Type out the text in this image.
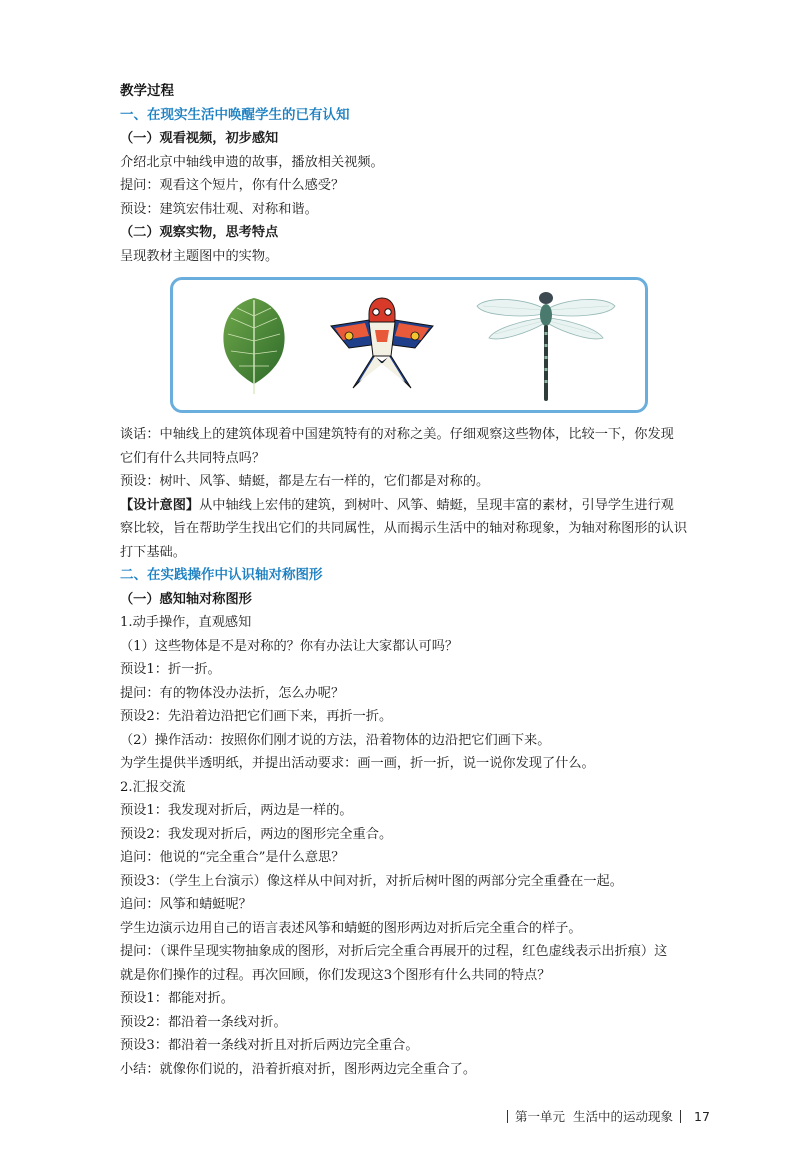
教学过程

一、在现实生活中唤醒学生的已有认知

（一）观看视频，初步感知

介绍北京中轴线申遗的故事，播放相关视频。

提问：观看这个短片，你有什么感受？

预设：建筑宏伟壮观、对称和谐。

（二）观察实物，思考特点

呈现教材主题图中的实物。

谈话：中轴线上的建筑体现着中国建筑特有的对称之美。仔细观察这些物体，比较一下，你发现

它们有什么共同特点吗？

预设：树叶、风筝、蜻蜓，都是左右一样的，它们都是对称的。

【设计意图】从中轴线上宏伟的建筑，到树叶、风筝、蜻蜓，呈现丰富的素材，引导学生进行观

察比较，旨在帮助学生找出它们的共同属性，从而揭示生活中的轴对称现象，为轴对称图形的认识

打下基础。

二、在实践操作中认识轴对称图形

（一）感知轴对称图形

1.动手操作，直观感知

（1）这些物体是不是对称的？你有办法让大家都认可吗？

预设1：折一折。

提问：有的物体没办法折，怎么办呢？

预设2：先沿着边沿把它们画下来，再折一折。

（2）操作活动：按照你们刚才说的方法，沿着物体的边沿把它们画下来。

为学生提供半透明纸，并提出活动要求：画一画，折一折，说一说你发现了什么。

2.汇报交流

预设1：我发现对折后，两边是一样的。

预设2：我发现对折后，两边的图形完全重合。

追问：他说的“完全重合”是什么意思？

预设3：（学生上台演示）像这样从中间对折，对折后树叶图的两部分完全重叠在一起。

追问：风筝和蜻蜓呢？

学生边演示边用自己的语言表述风筝和蜻蜓的图形两边对折后完全重合的样子。

提问：（课件呈现实物抽象成的图形，对折后完全重合再展开的过程，红色虚线表示出折痕）这

就是你们操作的过程。再次回顾，你们发现这3个图形有什么共同的特点？

预设1：都能对折。

预设2：都沿着一条线对折。

预设3：都沿着一条线对折且对折后两边完全重合。

小结：就像你们说的，沿着折痕对折，图形两边完全重合了。

第一单元 生活中的运动现象 17
